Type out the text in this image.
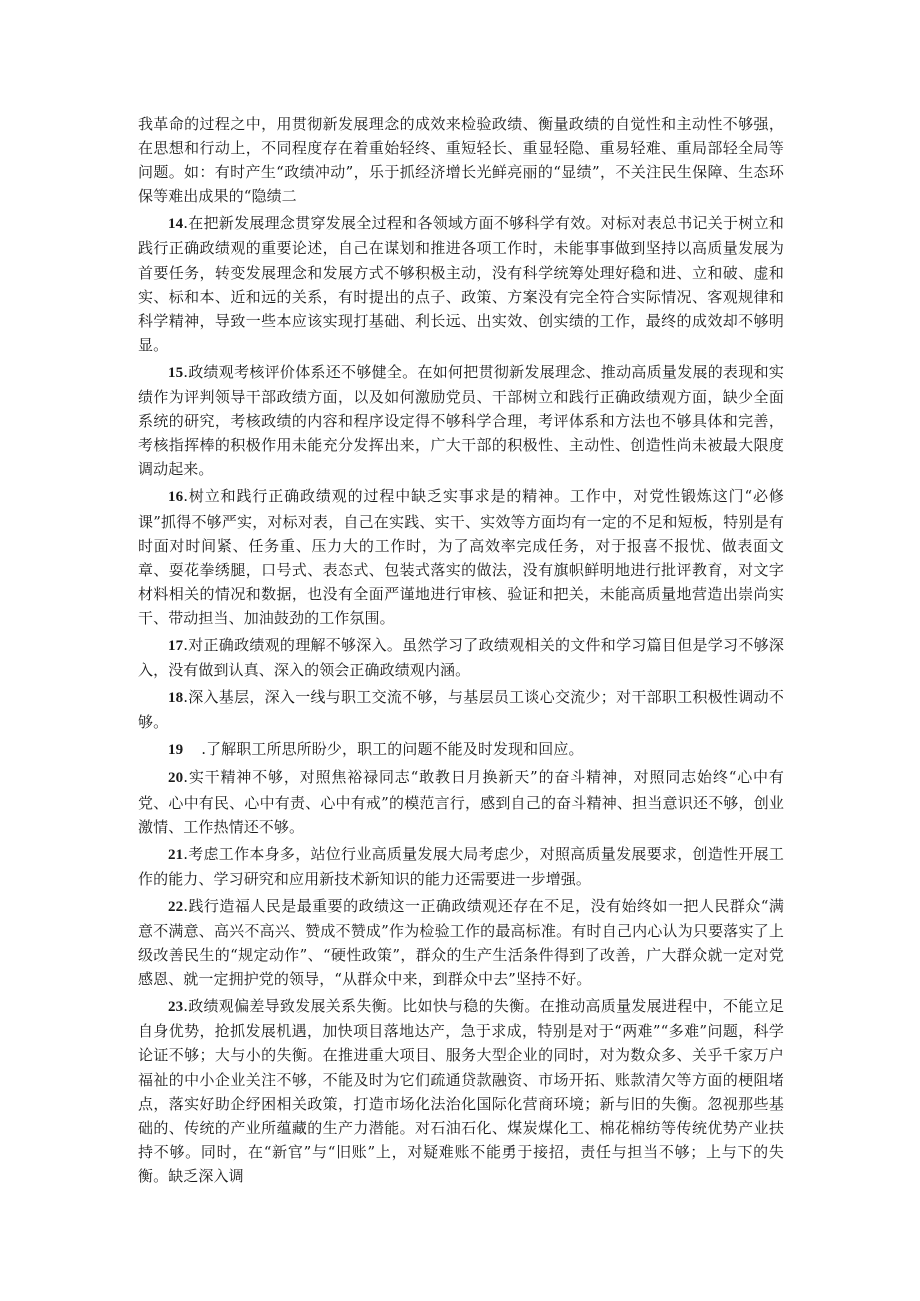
我革命的过程之中，用贯彻新发展理念的成效来检验政绩、衡量政绩的自觉性和主动性不够强，在思想和行动上，不同程度存在着重始轻终、重短轻长、重显轻隐、重易轻难、重局部轻全局等问题。如：有时产生“政绩冲动”，乐于抓经济增长光鲜亮丽的“显绩”，不关注民生保障、生态环保等难出成果的“隐绩二

14.在把新发展理念贯穿发展全过程和各领域方面不够科学有效。对标对表总书记关于树立和践行正确政绩观的重要论述，自己在谋划和推进各项工作时，未能事事做到坚持以高质量发展为首要任务，转变发展理念和发展方式不够积极主动，没有科学统筹处理好稳和进、立和破、虚和实、标和本、近和远的关系，有时提出的点子、政策、方案没有完全符合实际情况、客观规律和科学精神，导致一些本应该实现打基础、利长远、出实效、创实绩的工作，最终的成效却不够明显。

15.政绩观考核评价体系还不够健全。在如何把贯彻新发展理念、推动高质量发展的表现和实绩作为评判领导干部政绩方面，以及如何激励党员、干部树立和践行正确政绩观方面，缺少全面系统的研究，考核政绩的内容和程序设定得不够科学合理，考评体系和方法也不够具体和完善，考核指挥棒的积极作用未能充分发挥出来，广大干部的积极性、主动性、创造性尚未被最大限度调动起来。

16.树立和践行正确政绩观的过程中缺乏实事求是的精神。工作中，对党性锻炼这门“必修课”抓得不够严实，对标对表，自己在实践、实干、实效等方面均有一定的不足和短板，特别是有时面对时间紧、任务重、压力大的工作时，为了高效率完成任务，对于报喜不报忧、做表面文章、耍花拳绣腿，口号式、表态式、包装式落实的做法，没有旗帜鲜明地进行批评教育，对文字材料相关的情况和数据，也没有全面严谨地进行审核、验证和把关，未能高质量地营造出崇尚实干、带动担当、加油鼓劲的工作氛围。

17.对正确政绩观的理解不够深入。虽然学习了政绩观相关的文件和学习篇目但是学习不够深入，没有做到认真、深入的领会正确政绩观内涵。

18.深入基层，深入一线与职工交流不够，与基层员工谈心交流少；对干部职工积极性调动不够。

19 .了解职工所思所盼少，职工的问题不能及时发现和回应。

20.实干精神不够，对照焦裕禄同志“敢教日月换新天”的奋斗精神，对照同志始终“心中有党、心中有民、心中有责、心中有戒”的模范言行，感到自己的奋斗精神、担当意识还不够，创业激情、工作热情还不够。

21.考虑工作本身多，站位行业高质量发展大局考虑少，对照高质量发展要求，创造性开展工作的能力、学习研究和应用新技术新知识的能力还需要进一步增强。

22.践行造福人民是最重要的政绩这一正确政绩观还存在不足，没有始终如一把人民群众“满意不满意、高兴不高兴、赞成不赞成”作为检验工作的最高标准。有时自己内心认为只要落实了上级改善民生的“规定动作”、“硬性政策”，群众的生产生活条件得到了改善，广大群众就一定对党感恩、就一定拥护党的领导，“从群众中来，到群众中去”坚持不好。

23.政绩观偏差导致发展关系失衡。比如快与稳的失衡。在推动高质量发展进程中，不能立足自身优势，抢抓发展机遇，加快项目落地达产，急于求成，特别是对于“两难”“多难”问题，科学论证不够；大与小的失衡。在推进重大项目、服务大型企业的同时，对为数众多、关乎千家万户福祉的中小企业关注不够，不能及时为它们疏通贷款融资、市场开拓、账款清欠等方面的梗阻堵点，落实好助企纾困相关政策，打造市场化法治化国际化营商环境；新与旧的失衡。忽视那些基础的、传统的产业所蕴藏的生产力潜能。对石油石化、煤炭煤化工、棉花棉纺等传统优势产业扶持不够。同时，在“新官”与“旧账”上，对疑难账不能勇于接招，责任与担当不够；上与下的失衡。缺乏深入调
